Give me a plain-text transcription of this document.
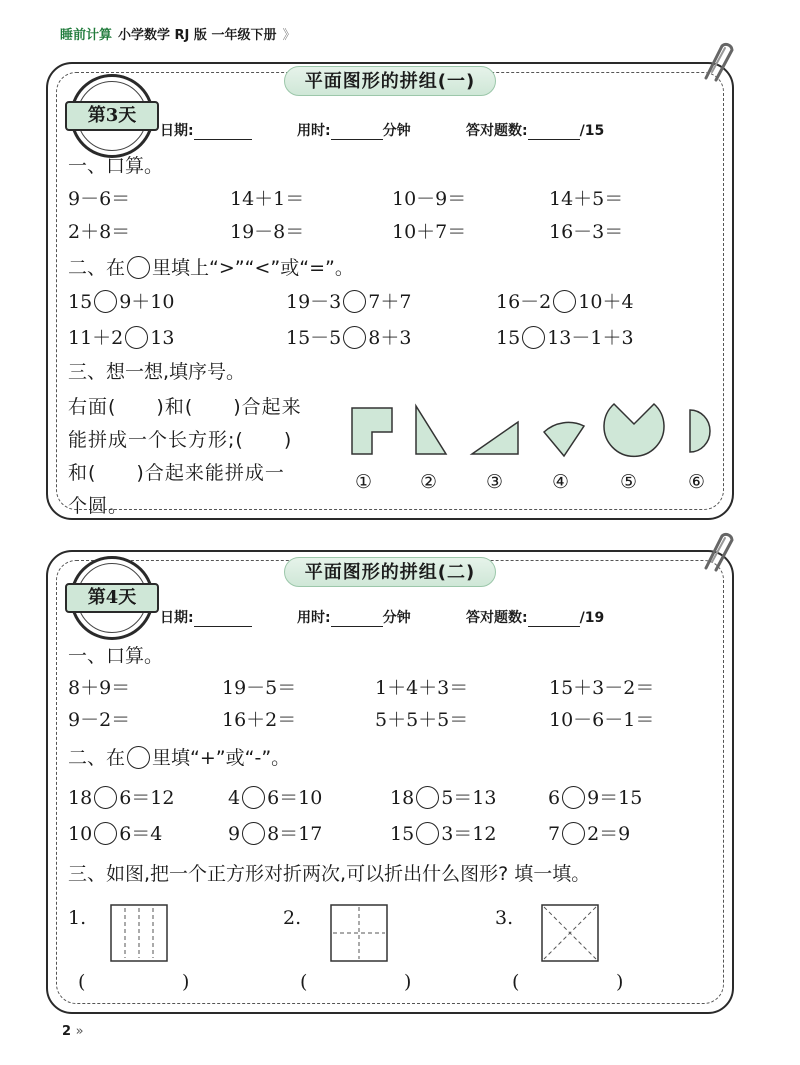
睡前计算 小学数学 RJ 版 一年级下册 》
平面图形的拼组(一)
第3天
日期:	用时:	分钟	答对题数:	/15
一、口算。
9－6＝	14＋1＝	10－9＝	14＋5＝
2＋8＝	19－8＝	10＋7＝	16－3＝
二、在 里填上“>”“<”或“=”。
15 9＋10	19－3 7＋7	16－2 10＋4
11＋2 13	15－5 8＋3	15 13－1＋3
三、想一想,填序号。
右面(　　)和(　　)合起来
能拼成一个长方形;(　　)
和(　　)合起来能拼成一
个圆。
①	②	③	④	⑤	⑥
平面图形的拼组(二)
第4天
日期:	用时:	分钟	答对题数:	/19
一、口算。
8＋9＝	19－5＝	1＋4＋3＝	15＋3－2＝
9－2＝	16＋2＝	5＋5＋5＝	10－6－1＝
二、在 里填“+”或“-”。
18 6＝12	4 6＝10	18 5＝13	6 9＝15
10 6＝4	9 8＝17	15 3＝12	7 2＝9
三、如图,把一个正方形对折两次,可以折出什么图形? 填一填。
1.	2.	3.
(	)	(	)	(	)
2 »
